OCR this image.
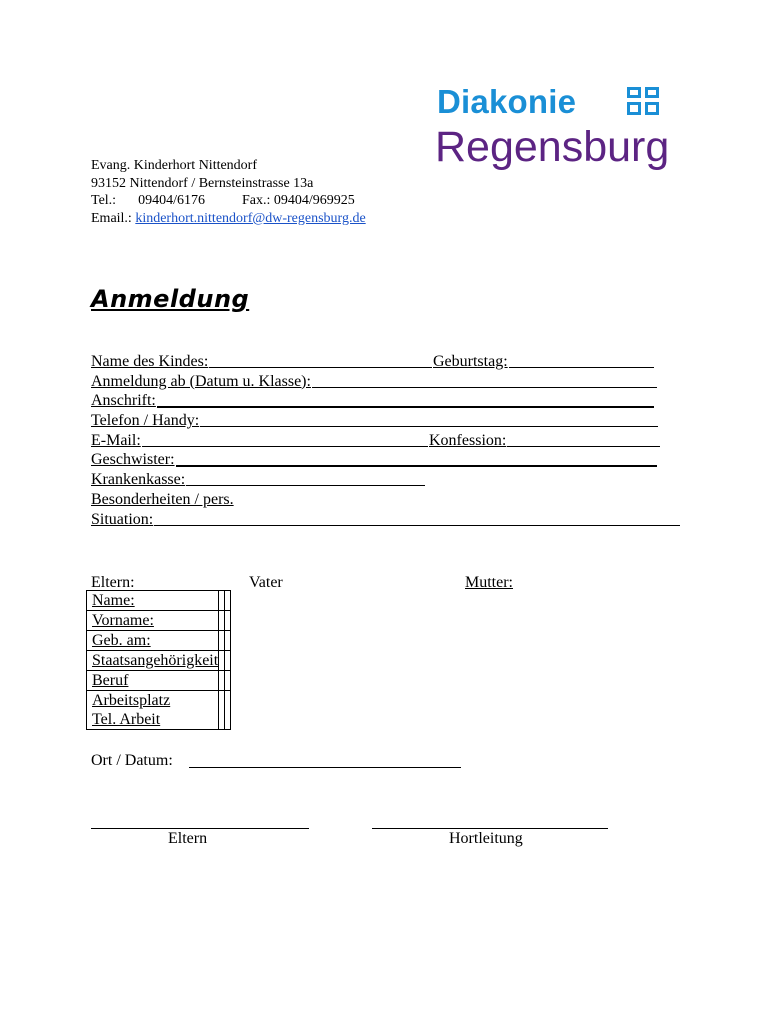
Diakonie
Regensburg
Evang. Kinderhort Nittendorf
93152 Nittendorf / Bernsteinstrasse 13a
Tel.: 09404/6176	Fax.: 09404/969925
Email.: kinderhort.nittendorf@dw-regensburg.de
Anmeldung
Name des Kindes:	Geburtstag:
Anmeldung ab (Datum u. Klasse):
Anschrift:
Telefon / Handy:
E-Mail:	Konfession:
Geschwister:
Krankenkasse:
Besonderheiten / pers.
Situation:
Eltern:	Vater	Mutter:
Name:		
Vorname:		
Geb. am:		
Staatsangehörigkeit		
Beruf		
Arbeitsplatz		
Tel. Arbeit		
Ort / Datum:
Eltern	Hortleitung
